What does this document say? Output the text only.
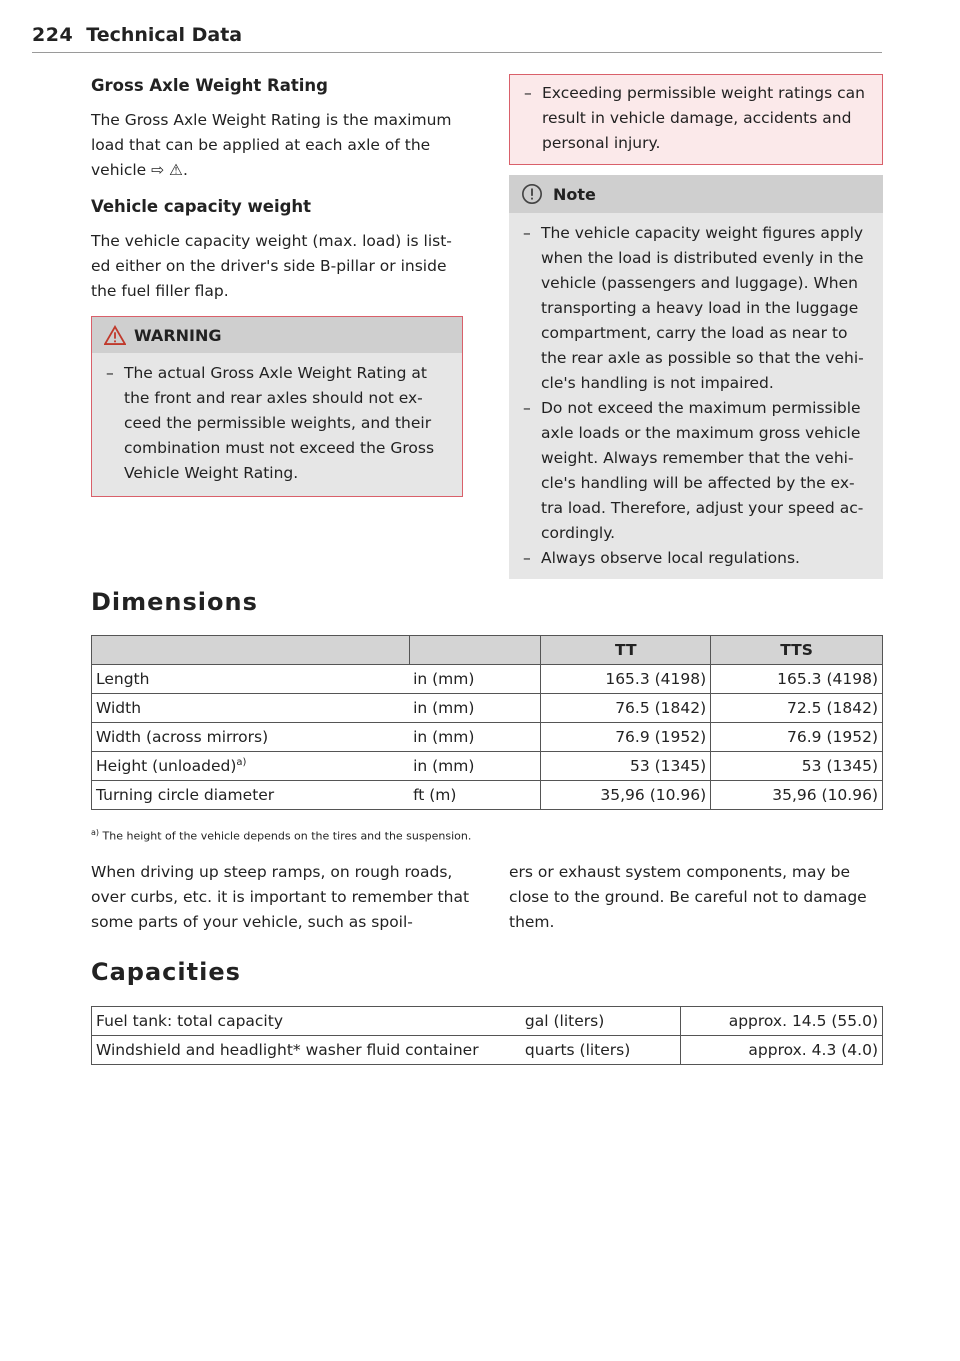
224 Technical Data
Gross Axle Weight Rating

The Gross Axle Weight Rating is the maximum load that can be applied at each axle of the vehicle ⇨ ⚠.

Vehicle capacity weight

The vehicle capacity weight (max. load) is list-ed either on the driver's side B-pillar or inside the fuel filler flap.

WARNING
– The actual Gross Axle Weight Rating at the front and rear axles should not ex-ceed the permissible weights, and their combination must not exceed the Gross Vehicle Weight Rating.
– Exceeding permissible weight ratings can result in vehicle damage, accidents and personal injury.
Note
– The vehicle capacity weight figures apply when the load is distributed evenly in the vehicle (passengers and luggage). When transporting a heavy load in the luggage compartment, carry the load as near to the rear axle as possible so that the vehi-cle's handling is not impaired.
– Do not exceed the maximum permissible axle loads or the maximum gross vehicle weight. Always remember that the vehi-cle's handling will be affected by the ex-tra load. Therefore, adjust your speed ac-cordingly.
– Always observe local regulations.
Dimensions
		TT	TTS
Length	in (mm)	165.3 (4198)	165.3 (4198)
Width	in (mm)	76.5 (1842)	72.5 (1842)
Width (across mirrors)	in (mm)	76.9 (1952)	76.9 (1952)
Height (unloaded)$^{a)}$	in (mm)	53 (1345)	53 (1345)
Turning circle diameter	ft (m)	35,96 (10.96)	35,96 (10.96)
$^{a)}$ The height of the vehicle depends on the tires and the suspension.

When driving up steep ramps, on rough roads, over curbs, etc. it is important to remember that some parts of your vehicle, such as spoil-

ers or exhaust system components, may be close to the ground. Be careful not to damage them.

Capacities
Fuel tank: total capacity	gal (liters)	approx. 14.5 (55.0)
Windshield and headlight* washer fluid container	quarts (liters)	approx. 4.3 (4.0)
